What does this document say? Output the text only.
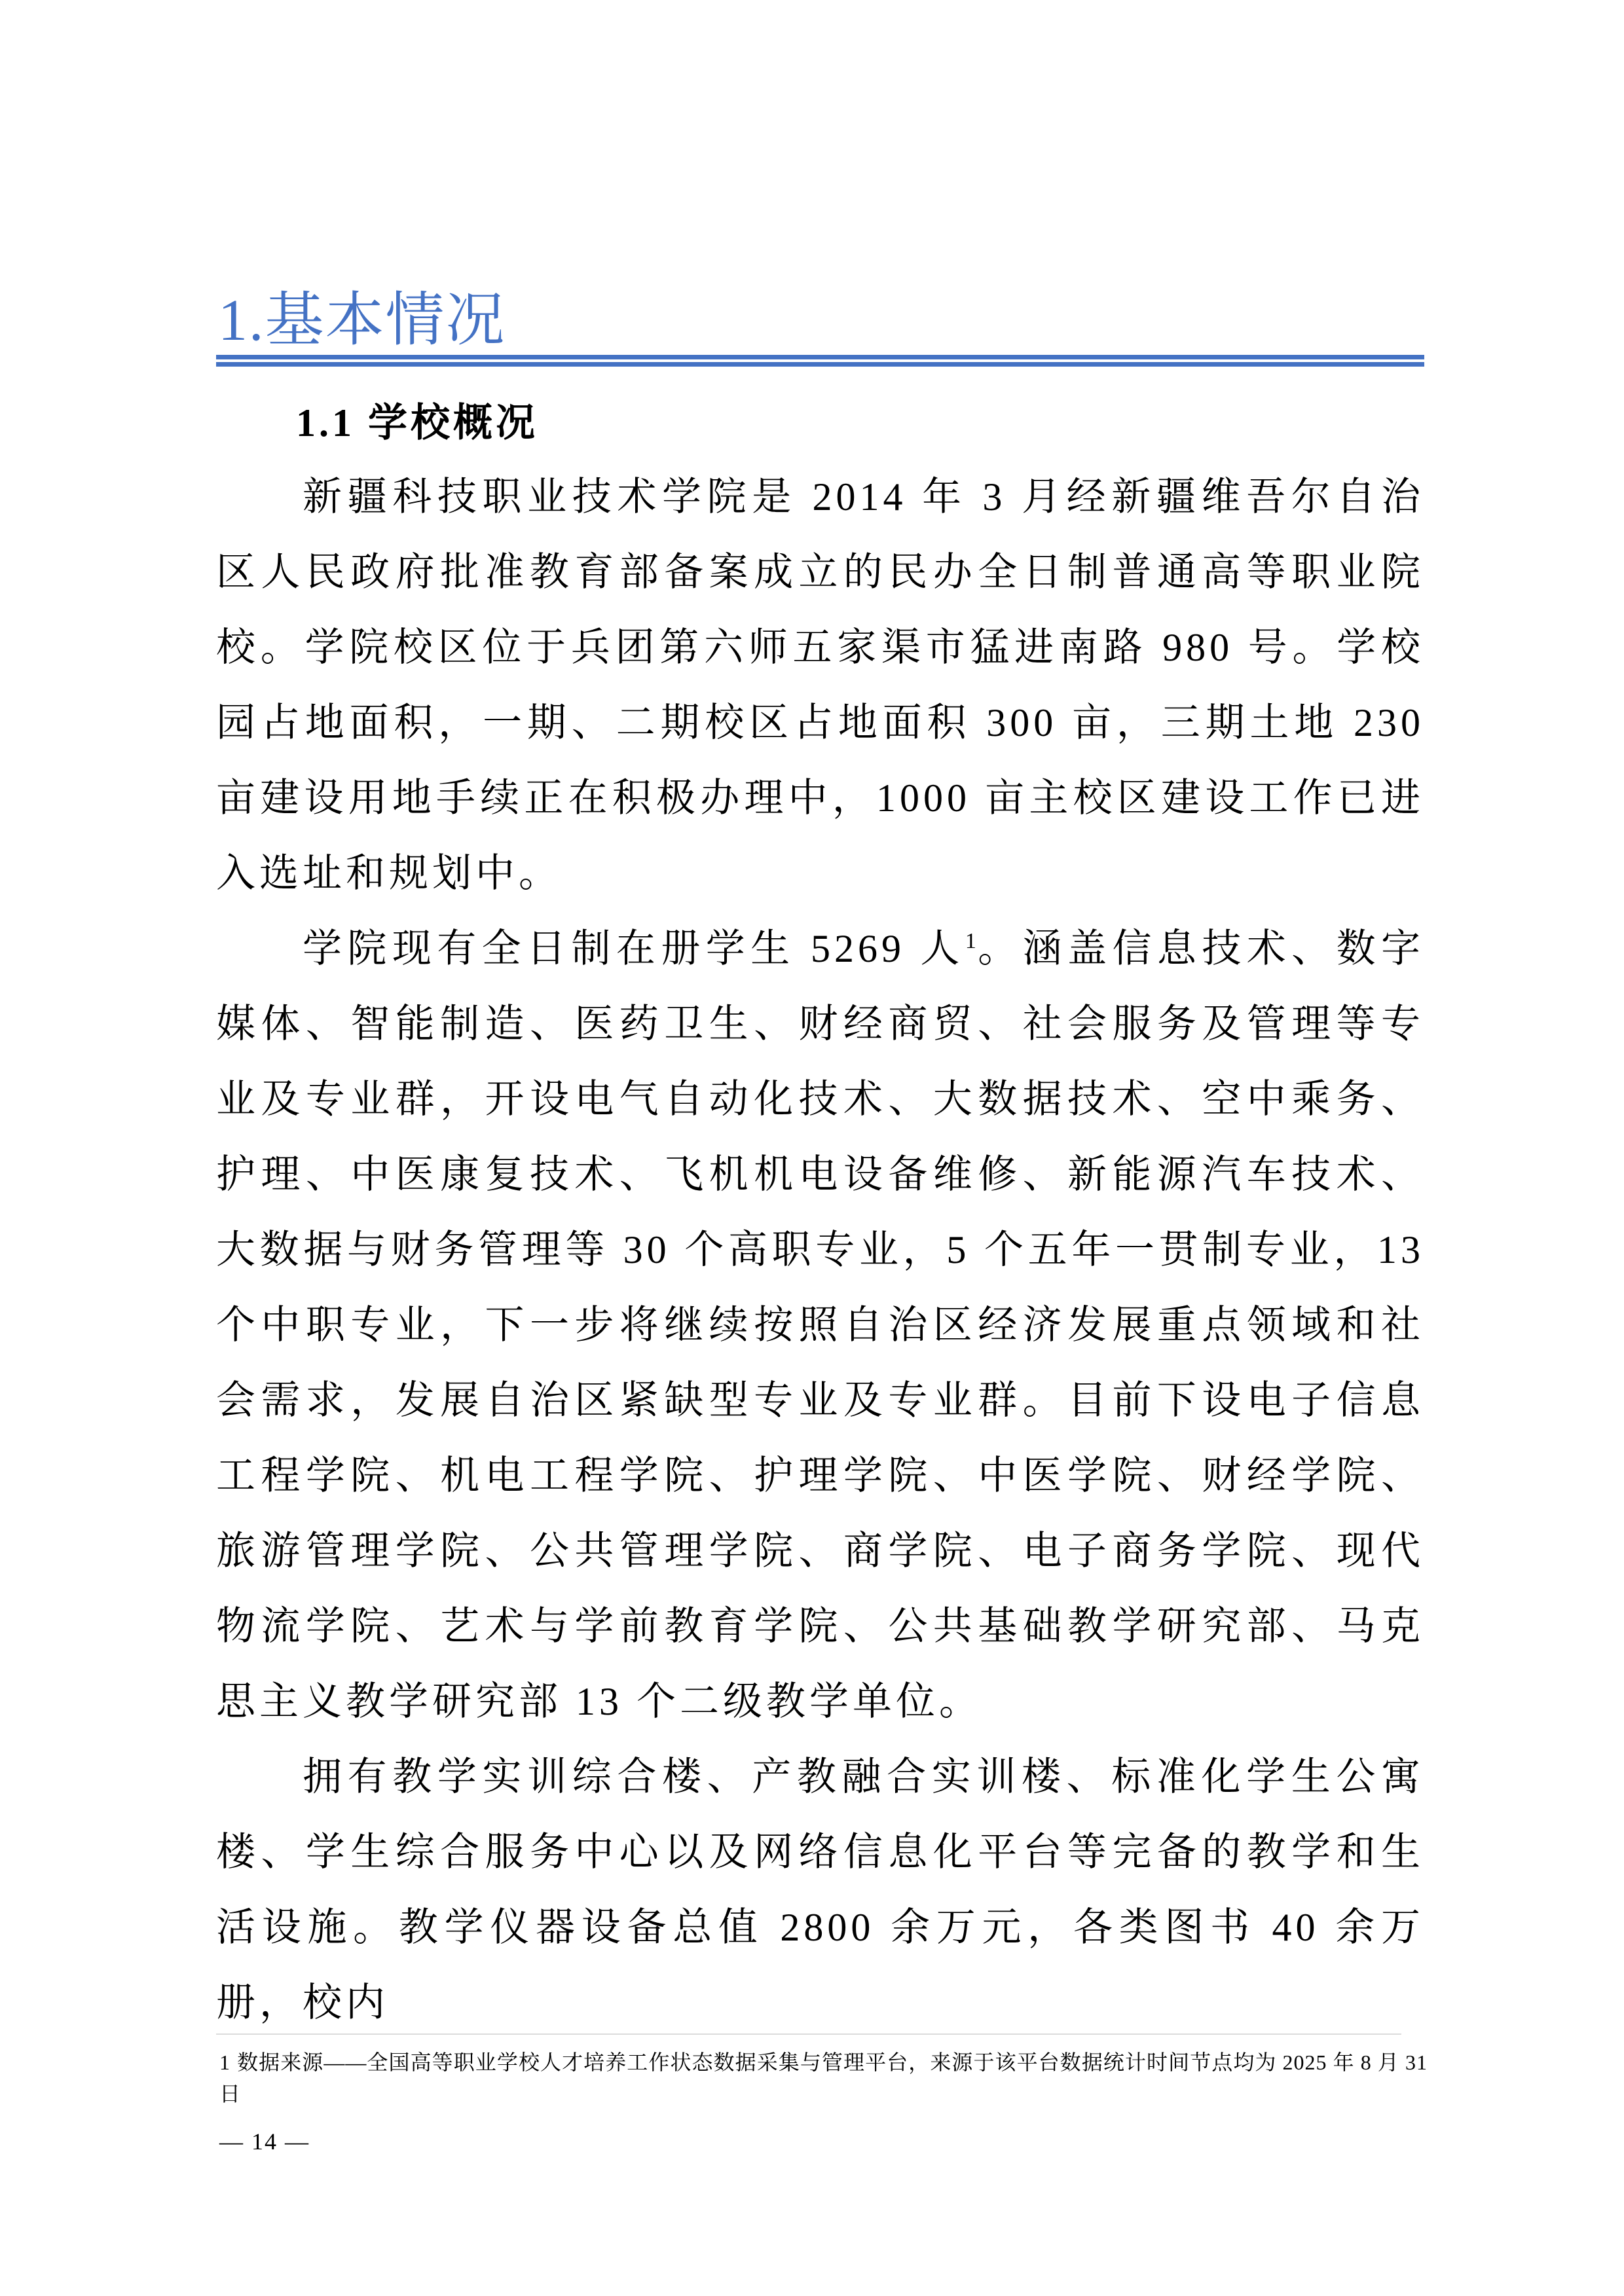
1.基本情况
1.1 学校概况

新疆科技职业技术学院是 2014 年 3 月经新疆维吾尔自治区人民政府批准教育部备案成立的民办全日制普通高等职业院校。学院校区位于兵团第六师五家渠市猛进南路 980 号。学校园占地面积，一期、二期校区占地面积 300 亩，三期土地 230 亩建设用地手续正在积极办理中，1000 亩主校区建设工作已进入选址和规划中。

学院现有全日制在册学生 5269 人$^1$。涵盖信息技术、数字媒体、智能制造、医药卫生、财经商贸、社会服务及管理等专业及专业群，开设电气自动化技术、大数据技术、空中乘务、护理、中医康复技术、飞机机电设备维修、新能源汽车技术、大数据与财务管理等 30 个高职专业，5 个五年一贯制专业，13 个中职专业，下一步将继续按照自治区经济发展重点领域和社会需求，发展自治区紧缺型专业及专业群。目前下设电子信息工程学院、机电工程学院、护理学院、中医学院、财经学院、旅游管理学院、公共管理学院、商学院、电子商务学院、现代物流学院、艺术与学前教育学院、公共基础教学研究部、马克思主义教学研究部 13 个二级教学单位。

拥有教学实训综合楼、产教融合实训楼、标准化学生公寓楼、学生综合服务中心以及网络信息化平台等完备的教学和生活设施。教学仪器设备总值 2800 余万元，各类图书 40 余万册，校内

1 数据来源——全国高等职业学校人才培养工作状态数据采集与管理平台，来源于该平台数据统计时间节点均为 2025 年 8 月 31 日
— 14 —
